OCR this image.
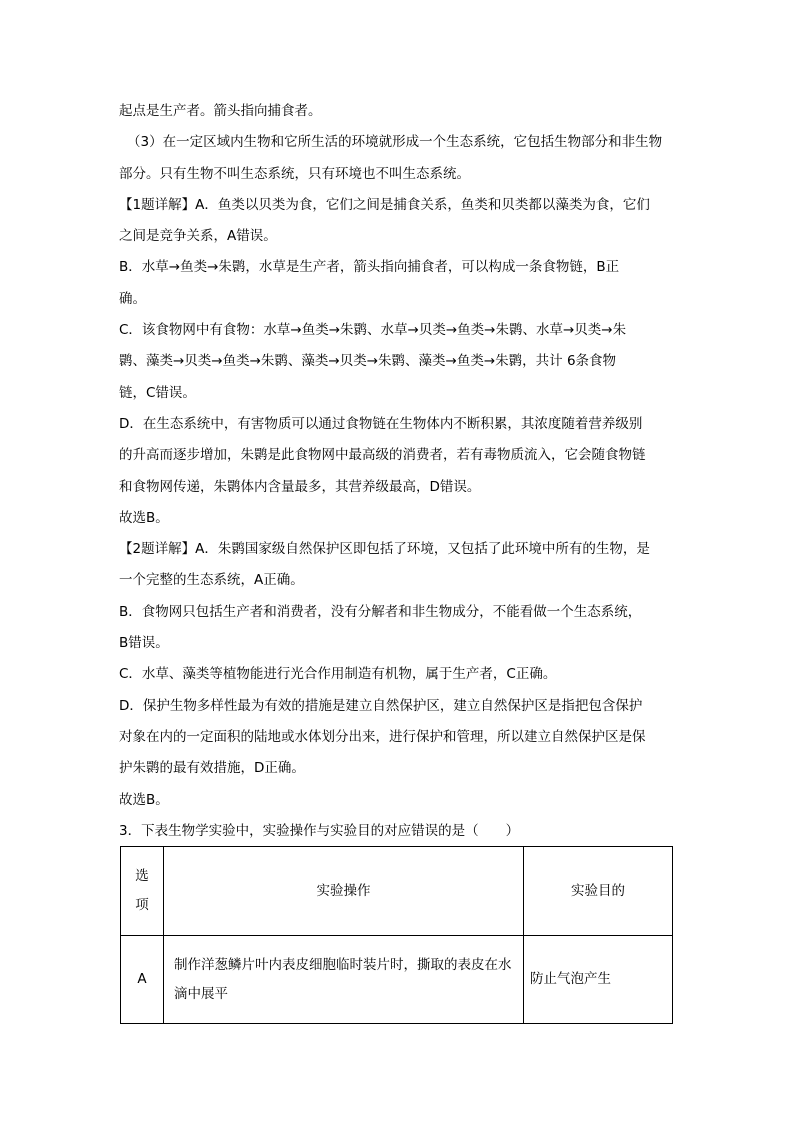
起点是生产者。箭头指向捕食者。
（3）在一定区域内生物和它所生活的环境就形成一个生态系统，它包括生物部分和非生物
部分。只有生物不叫生态系统，只有环境也不叫生态系统。
【1题详解】A．鱼类以贝类为食，它们之间是捕食关系，鱼类和贝类都以藻类为食，它们
之间是竞争关系，A错误。
B．水草→鱼类→朱鹮，水草是生产者，箭头指向捕食者，可以构成一条食物链，B正
确。
C．该食物网中有食物：水草→鱼类→朱鹮、水草→贝类→鱼类→朱鹮、水草→贝类→朱
鹮、藻类→贝类→鱼类→朱鹮、藻类→贝类→朱鹮、藻类→鱼类→朱鹮，共计 6条食物
链，C错误。
D．在生态系统中，有害物质可以通过食物链在生物体内不断积累，其浓度随着营养级别
的升高而逐步增加，朱鹮是此食物网中最高级的消费者，若有毒物质流入，它会随食物链
和食物网传递，朱鹮体内含量最多，其营养级最高，D错误。
故选B。
【2题详解】A．朱鹮国家级自然保护区即包括了环境，又包括了此环境中所有的生物，是
一个完整的生态系统，A正确。
B．食物网只包括生产者和消费者，没有分解者和非生物成分，不能看做一个生态系统，
B错误。
C．水草、藻类等植物能进行光合作用制造有机物，属于生产者，C正确。
D．保护生物多样性最为有效的措施是建立自然保护区，建立自然保护区是指把包含保护
对象在内的一定面积的陆地或水体划分出来，进行保护和管理，所以建立自然保护区是保
护朱鹮的最有效措施，D正确。
故选B。
3．下表生物学实验中，实验操作与实验目的对应错误的是（　　）
选
项	实验操作	实验目的
A	制作洋葱鳞片叶内表皮细胞临时装片时，撕取的表皮在水滴中展平	防止气泡产生
